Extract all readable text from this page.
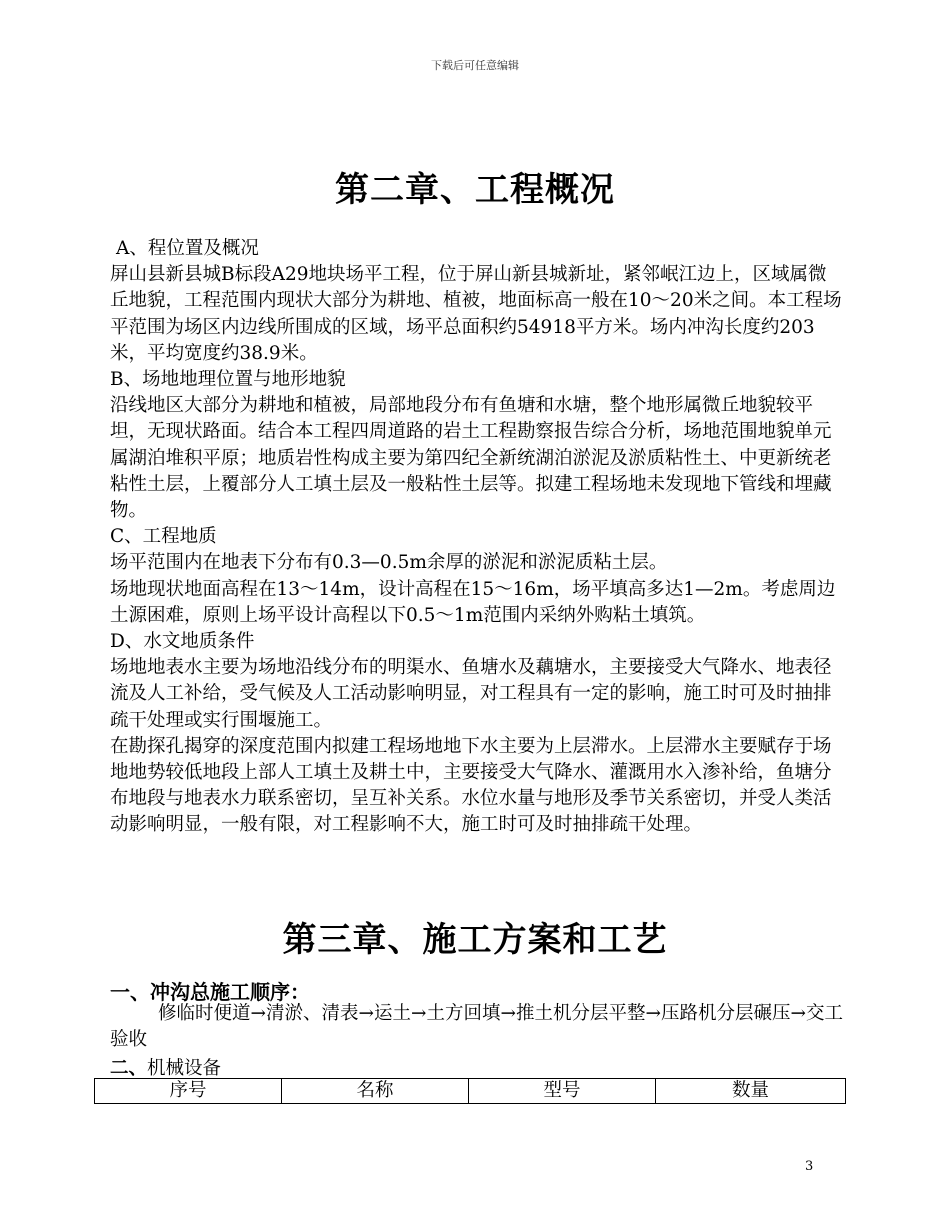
下载后可任意编辑
第二章、工程概况

A、程位置及概况

屏山县新县城B标段A29地块场平工程，位于屏山新县城新址，紧邻岷江边上，区域属微丘地貌，工程范围内现状大部分为耕地、植被，地面标高一般在10～20米之间。本工程场平范围为场区内边线所围成的区域，场平总面积约54918平方米。场内冲沟长度约203米，平均宽度约38.9米。

B、场地地理位置与地形地貌

沿线地区大部分为耕地和植被，局部地段分布有鱼塘和水塘，整个地形属微丘地貌较平坦，无现状路面。结合本工程四周道路的岩土工程勘察报告综合分析，场地范围地貌单元属湖泊堆积平原；地质岩性构成主要为第四纪全新统湖泊淤泥及淤质粘性土、中更新统老粘性土层，上覆部分人工填土层及一般粘性土层等。拟建工程场地未发现地下管线和埋藏物。

C、工程地质

场平范围内在地表下分布有0.3—0.5m余厚的淤泥和淤泥质粘土层。

场地现状地面高程在13～14m，设计高程在15～16m，场平填高多达1—2m。考虑周边土源困难，原则上场平设计高程以下0.5～1m范围内采纳外购粘土填筑。

D、水文地质条件

场地地表水主要为场地沿线分布的明渠水、鱼塘水及藕塘水，主要接受大气降水、地表径流及人工补给，受气候及人工活动影响明显，对工程具有一定的影响，施工时可及时抽排疏干处理或实行围堰施工。

在勘探孔揭穿的深度范围内拟建工程场地地下水主要为上层滞水。上层滞水主要赋存于场地地势较低地段上部人工填土及耕土中，主要接受大气降水、灌溉用水入渗补给，鱼塘分布地段与地表水力联系密切，呈互补关系。水位水量与地形及季节关系密切，并受人类活动影响明显，一般有限，对工程影响不大，施工时可及时抽排疏干处理。

第三章、施工方案和工艺
一、冲沟总施工顺序：

修临时便道→清淤、清表→运土→土方回填→推土机分层平整→压路机分层碾压→交工验收

二、机械设备
序号	名称	型号	数量
3
